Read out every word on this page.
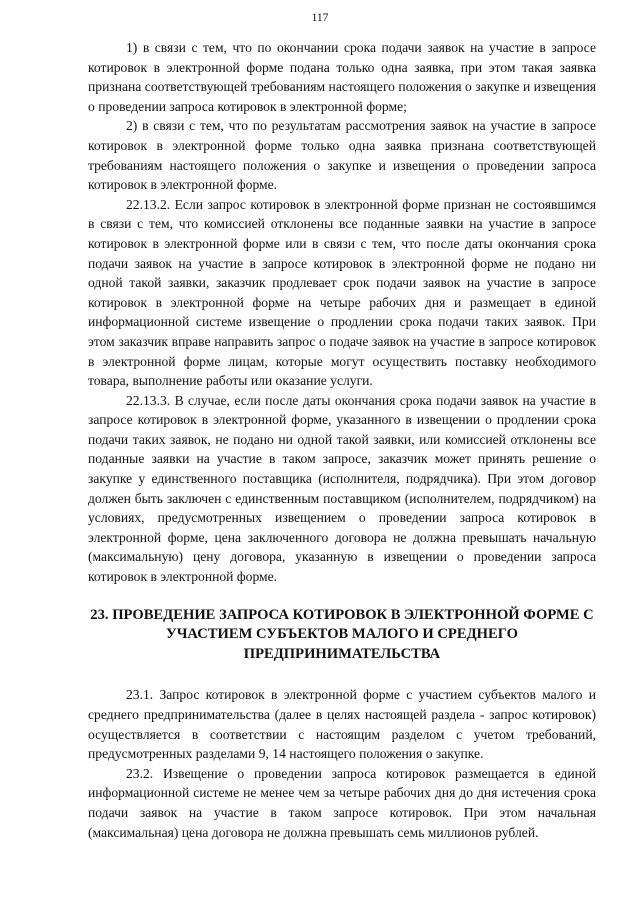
117

1) в связи с тем, что по окончании срока подачи заявок на участие в запросе котировок в электронной форме подана только одна заявка, при этом такая заявка признана соответствующей требованиям настоящего положения о закупке и извещения о проведении запроса котировок в электронной форме;

2) в связи с тем, что по результатам рассмотрения заявок на участие в запросе котировок в электронной форме только одна заявка признана соответствующей требованиям настоящего положения о закупке и извещения о проведении запроса котировок в электронной форме.

22.13.2. Если запрос котировок в электронной форме признан не состоявшимся в связи с тем, что комиссией отклонены все поданные заявки на участие в запросе котировок в электронной форме или в связи с тем, что после даты окончания срока подачи заявок на участие в запросе котировок в электронной форме не подано ни одной такой заявки, заказчик продлевает срок подачи заявок на участие в запросе котировок в электронной форме на четыре рабочих дня и размещает в единой информационной системе извещение о продлении срока подачи таких заявок. При этом заказчик вправе направить запрос о подаче заявок на участие в запросе котировок в электронной форме лицам, которые могут осуществить поставку необходимого товара, выполнение работы или оказание услуги.

22.13.3. В случае, если после даты окончания срока подачи заявок на участие в запросе котировок в электронной форме, указанного в извещении о продлении срока подачи таких заявок, не подано ни одной такой заявки, или комиссией отклонены все поданные заявки на участие в таком запросе, заказчик может принять решение о закупке у единственного поставщика (исполнителя, подрядчика). При этом договор должен быть заключен с единственным поставщиком (исполнителем, подрядчиком) на условиях, предусмотренных извещением о проведении запроса котировок в электронной форме, цена заключенного договора не должна превышать начальную (максимальную) цену договора, указанную в извещении о проведении запроса котировок в электронной форме.

23. ПРОВЕДЕНИЕ ЗАПРОСА КОТИРОВОК В ЭЛЕКТРОННОЙ ФОРМЕ С УЧАСТИЕМ СУБЪЕКТОВ МАЛОГО И СРЕДНЕГО ПРЕДПРИНИМАТЕЛЬСТВА

23.1. Запрос котировок в электронной форме с участием субъектов малого и среднего предпринимательства (далее в целях настоящей раздела - запрос котировок) осуществляется в соответствии с настоящим разделом с учетом требований, предусмотренных разделами 9, 14 настоящего положения о закупке.

23.2. Извещение о проведении запроса котировок размещается в единой информационной системе не менее чем за четыре рабочих дня до дня истечения срока подачи заявок на участие в таком запросе котировок. При этом начальная (максимальная) цена договора не должна превышать семь миллионов рублей.
